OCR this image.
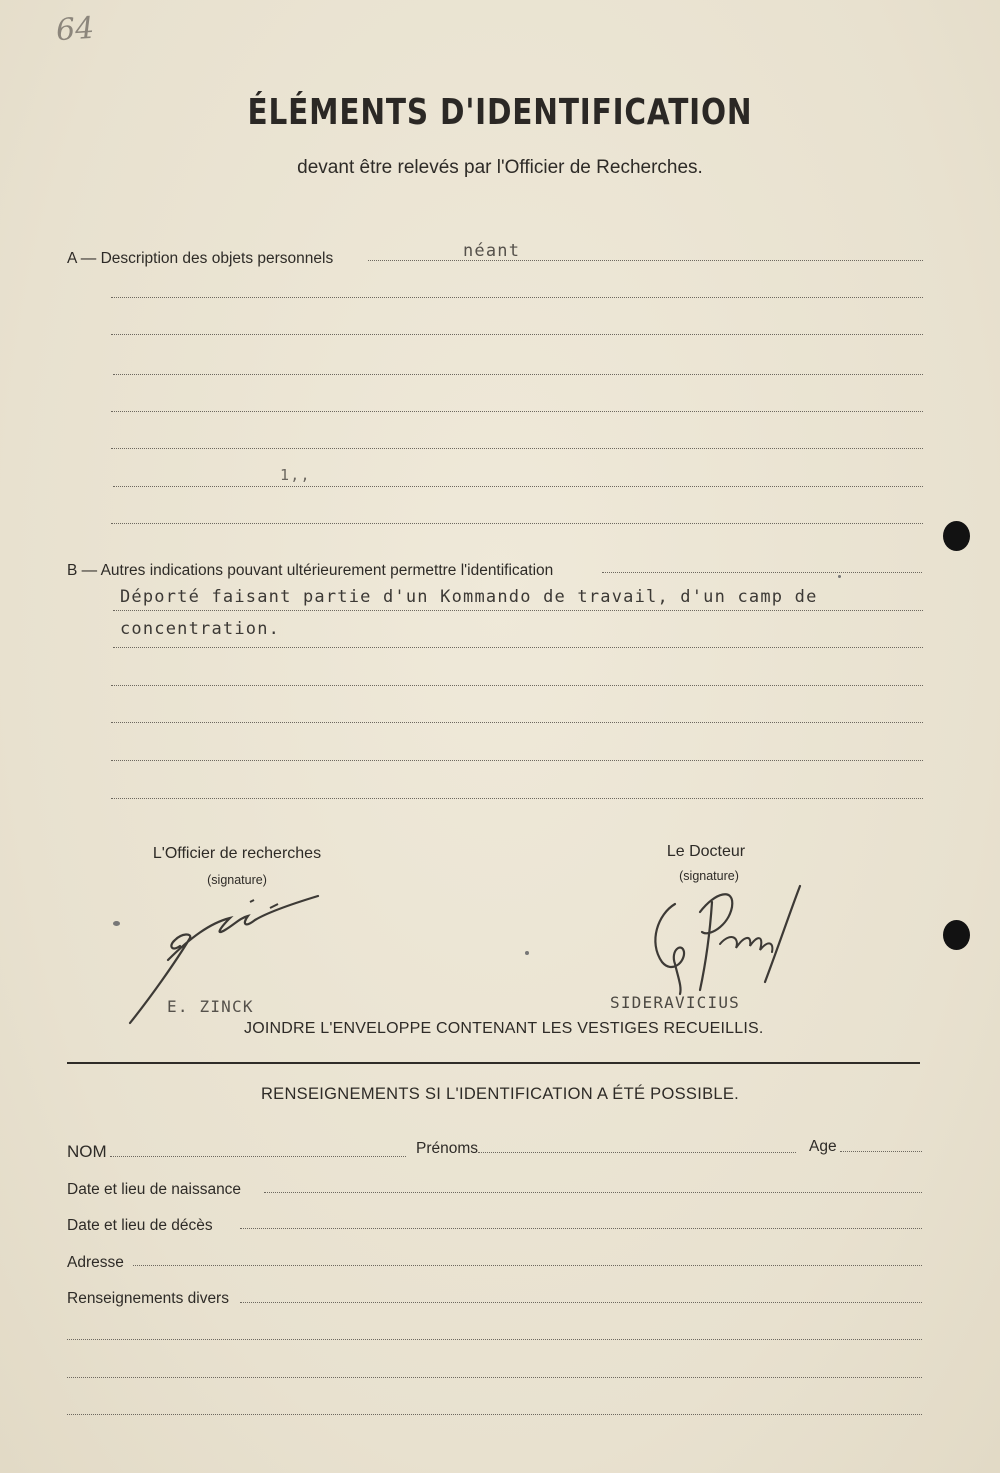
64
ÉLÉMENTS D'IDENTIFICATION
devant être relevés par l'Officier de Recherches.
A — Description des objets personnels	néant
1,,
B — Autres indications pouvant ultérieurement permettre l'identification
Déporté faisant partie d'un Kommando de travail, d'un camp de
concentration.
L'Officier de recherches
(signature)
E. ZINCK
Le Docteur
(signature)
SIDERAVICIUS
JOINDRE L'ENVELOPPE CONTENANT LES VESTIGES RECUEILLIS.
RENSEIGNEMENTS SI L'IDENTIFICATION A ÉTÉ POSSIBLE.
NOM	Prénoms	Age
Date et lieu de naissance
Date et lieu de décès
Adresse
Renseignements divers
